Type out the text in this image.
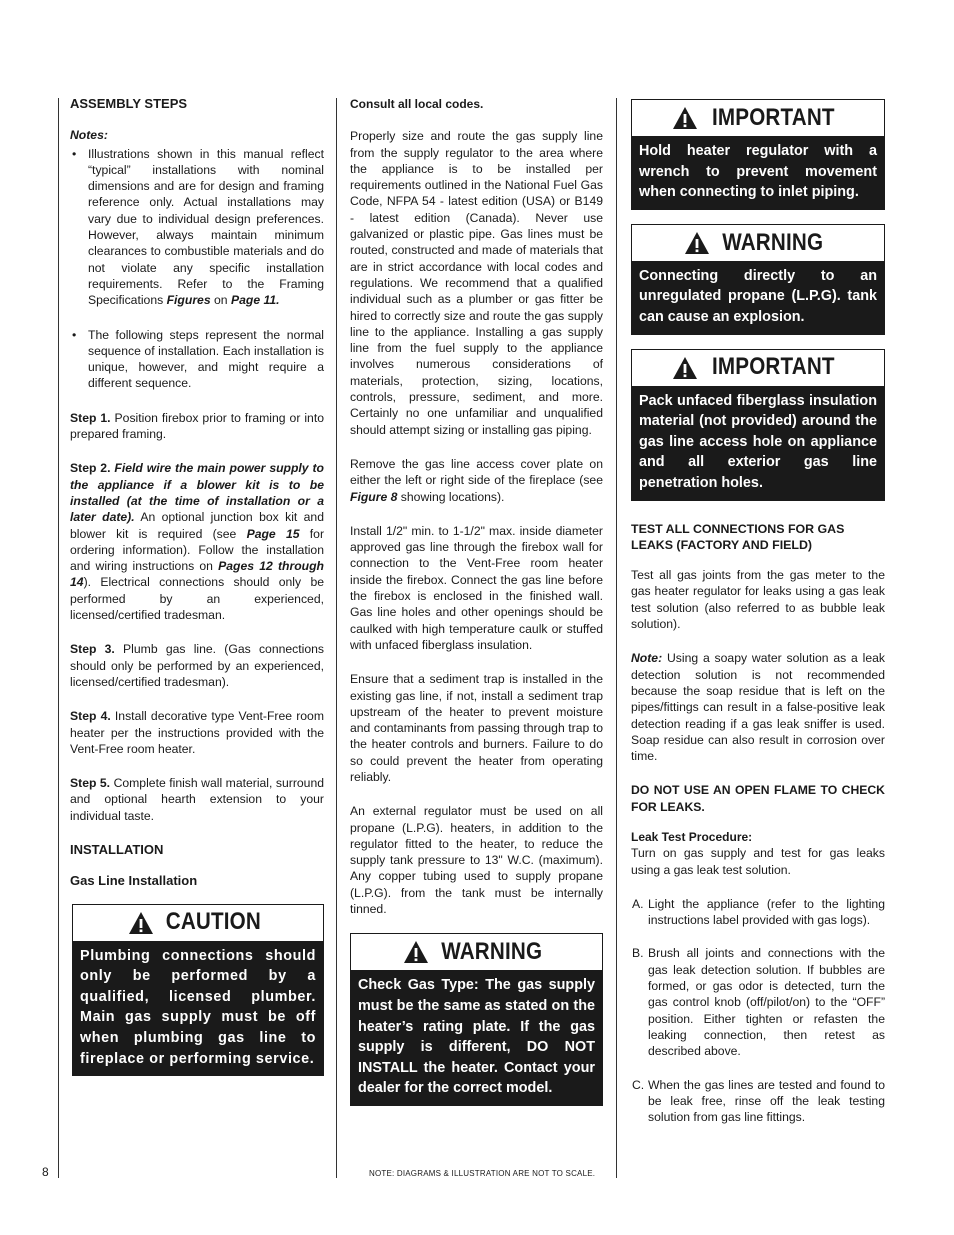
ASSEMBLY STEPS
Notes:
• Illustrations shown in this manual reflect “typical” installations with nominal dimensions and are for design and framing reference only. Actual installations may vary due to individual design preferences. However, always maintain minimum clearances to combustible materials and do not violate any specific installation requirements. Refer to the Framing Specifications Figures on Page 11.
• The following steps represent the normal sequence of installation. Each installation is unique, however, and might require a different sequence.

Step 1. Position firebox prior to framing or into prepared framing.

Step 2. Field wire the main power supply to the appliance if a blower kit is to be installed (at the time of installation or a later date). An optional junction box kit and blower kit is required (see Page 15 for ordering information). Follow the installation and wiring instructions on Pages 12 through 14). Electrical connections should only be performed by an experienced, licensed/certified tradesman.

Step 3. Plumb gas line. (Gas connections should only be performed by an experienced, licensed/certified tradesman).

Step 4. Install decorative type Vent-Free room heater per the instructions provided with the Vent-Free room heater.

Step 5. Complete finish wall material, surround and optional hearth extension to your individual taste.

INSTALLATION
Gas Line Installation
CAUTION
Plumbing connections should only be performed by a qualified, licensed plumber. Main gas supply must be off when plumbing gas line to fireplace or performing service.
Consult all local codes.

Properly size and route the gas supply line from the supply regulator to the area where the appliance is to be installed per requirements outlined in the National Fuel Gas Code, NFPA 54 - latest edition (USA) or B149 - latest edition (Canada). Never use galvanized or plastic pipe. Gas lines must be routed, constructed and made of materials that are in strict accordance with local codes and regulations. We recommend that a qualified individual such as a plumber or gas fitter be hired to correctly size and route the gas supply line to the appliance. Installing a gas supply line from the fuel supply to the appliance involves numerous considerations of materials, protection, sizing, locations, controls, pressure, sediment, and more. Certainly no one unfamiliar and unqualified should attempt sizing or installing gas piping.

Remove the gas line access cover plate on either the left or right side of the fireplace (see Figure 8 showing locations).

Install 1/2" min. to 1-1/2" max. inside diameter approved gas line through the firebox wall for connection to the Vent-Free room heater inside the firebox. Connect the gas line before the firebox is enclosed in the finished wall. Gas line holes and other openings should be caulked with high temperature caulk or stuffed with unfaced fiberglass insulation.

Ensure that a sediment trap is installed in the existing gas line, if not, install a sediment trap upstream of the heater to prevent moisture and contaminants from passing through trap to the heater controls and burners. Failure to do so could prevent the heater from operating reliably.

An external regulator must be used on all propane (L.P.G). heaters, in addition to the regulator fitted to the heater, to reduce the supply tank pressure to 13" W.C. (maximum). Any copper tubing used to supply propane (L.P.G). from the tank must be internally tinned.

WARNING
Check Gas Type: The gas supply must be the same as stated on the heater’s rating plate. If the gas supply is different, DO NOT INSTALL the heater. Contact your dealer for the correct model.
IMPORTANT
Hold heater regulator with a wrench to prevent movement when connecting to inlet piping.
WARNING
Connecting directly to an unregulated propane (L.P.G). tank can cause an explosion.
IMPORTANT
Pack unfaced fiberglass insulation material (not provided) around the gas line access hole on appliance and all exterior gas line penetration holes.
TEST ALL CONNECTIONS FOR GAS LEAKS (FACTORY AND FIELD)

Test all gas joints from the gas meter to the gas heater regulator for leaks using a gas leak test solution (also referred to as bubble leak solution).

Note: Using a soapy water solution as a leak detection solution is not recommended because the soap residue that is left on the pipes/fittings can result in a false-positive leak detection reading if a gas leak sniffer is used. Soap residue can also result in corrosion over time.

DO NOT USE AN OPEN FLAME TO CHECK FOR LEAKS.

Leak Test Procedure:

Turn on gas supply and test for gas leaks using a gas leak test solution.

A. Light the appliance (refer to the lighting instructions label provided with gas logs).
B. Brush all joints and connections with the gas leak detection solution. If bubbles are formed, or gas odor is detected, turn the gas control knob (off/pilot/on) to the “OFF” position. Either tighten or refasten the leaking connection, then retest as described above.
C. When the gas lines are tested and found to be leak free, rinse off the leak testing solution from gas line fittings.
8	NOTE: DIAGRAMS & ILLUSTRATION ARE NOT TO SCALE.
